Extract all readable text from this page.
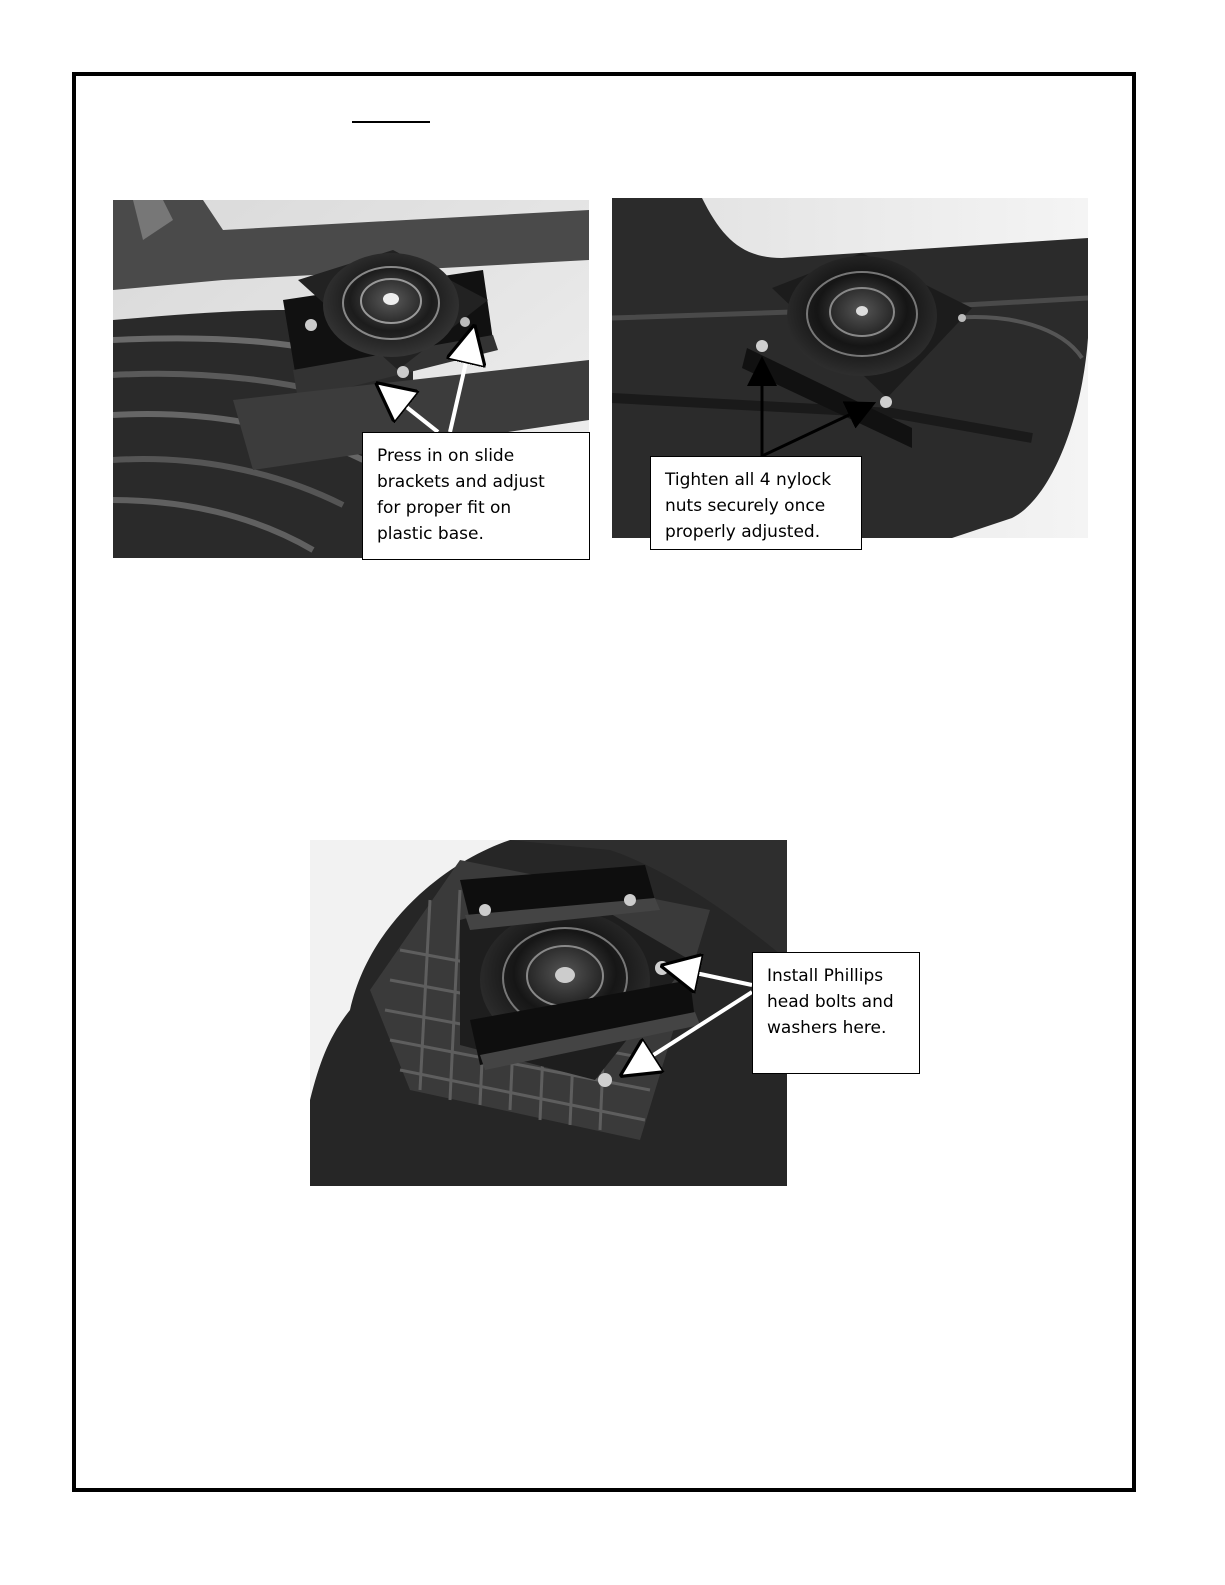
Press in on slide
brackets and adjust
for proper fit on
plastic base.
Tighten all 4 nylock
nuts securely once
properly adjusted.
Install Phillips
head bolts and
washers here.
